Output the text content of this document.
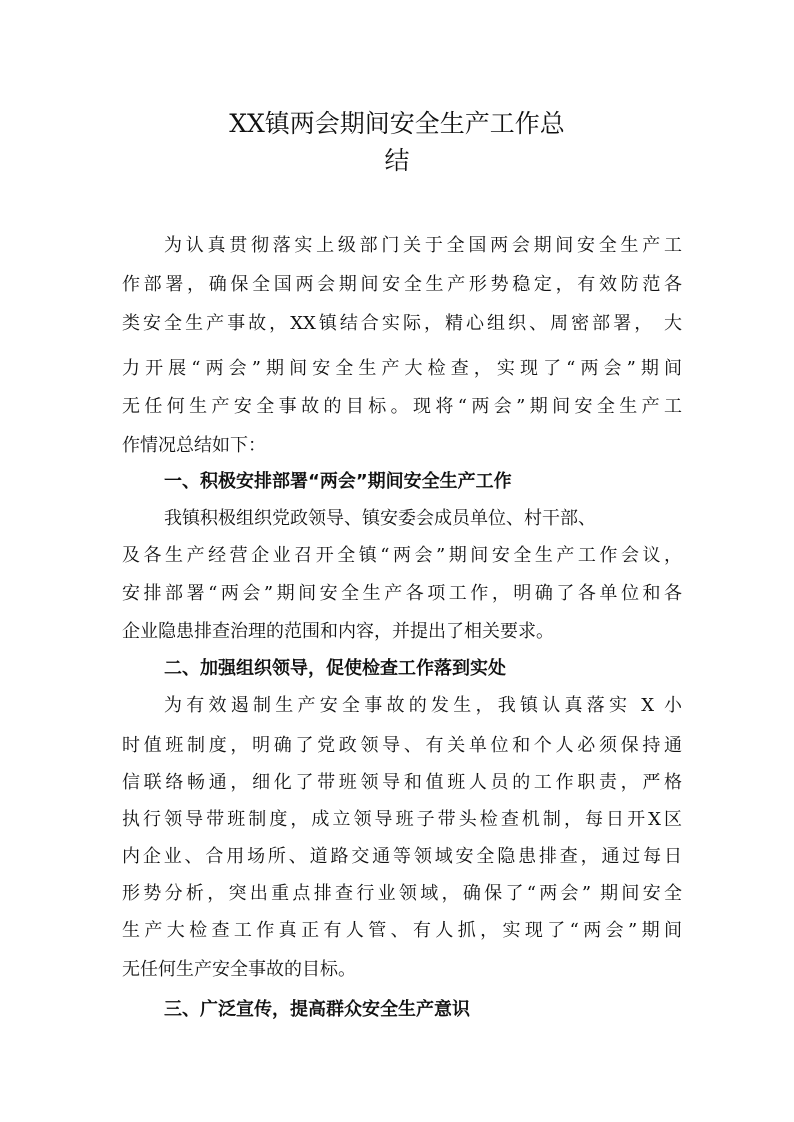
XX镇两会期间安全生产工作总
结
为认真贯彻落实上级部门关于全国两会期间安全生产工
作部署，确保全国两会期间安全生产形势稳定，有效防范各
类安全生产事故，XX镇结合实际，精心组织、周密部署， 大
力开展“两会”期间安全生产大检查，实现了“两会”期间
无任何生产安全事故的目标。现将“两会”期间安全生产工
作情况总结如下：
一、积极安排部署“两会”期间安全生产工作
我镇积极组织党政领导、镇安委会成员单位、村干部、
及各生产经营企业召开全镇“两会”期间安全生产工作会议，
安排部署“两会”期间安全生产各项工作，明确了各单位和各
企业隐患排查治理的范围和内容，并提出了相关要求。
二、加强组织领导，促使检查工作落到实处
为有效遏制生产安全事故的发生，我镇认真落实 X 小
时值班制度，明确了党政领导、有关单位和个人必须保持通
信联络畅通，细化了带班领导和值班人员的工作职责，严格
执行领导带班制度，成立领导班子带头检查机制，每日开X区
内企业、合用场所、道路交通等领域安全隐患排查，通过每日
形势分析，突出重点排查行业领域，确保了“两会” 期间安全
生产大检查工作真正有人管、有人抓，实现了“两会”期间
无任何生产安全事故的目标。
三、广泛宣传，提高群众安全生产意识
